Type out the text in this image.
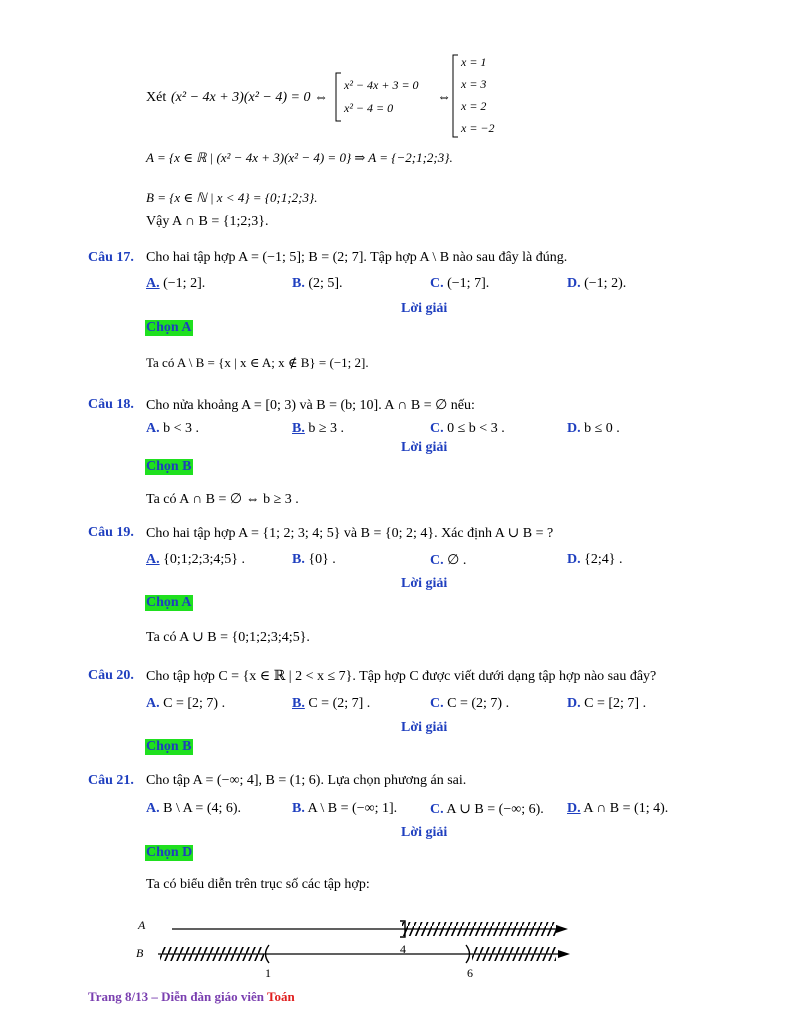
Xét (x² − 4x + 3)(x² − 4) = 0 ⇔
x² − 4x + 3 = 0
x² − 4 = 0
⇔
x = 1
x = 3
x = 2
x = −2
A = {x ∈ ℝ | (x² − 4x + 3)(x² − 4) = 0} ⇒ A = {−2;1;2;3}.
B = {x ∈ ℕ | x < 4} = {0;1;2;3}.
Vậy A ∩ B = {1;2;3}.
Câu 17. Cho hai tập hợp A = (−1; 5]; B = (2; 7]. Tập hợp A \ B nào sau đây là đúng.
A. (−1; 2].	B. (2; 5].	C. (−1; 7].	D. (−1; 2).
Lời giải
Chọn A
Ta có A \ B = {x | x ∈ A; x ∉ B} = (−1; 2].
Câu 18. Cho nửa khoảng A = [0; 3) và B = (b; 10]. A ∩ B = ∅ nếu:
A. b < 3 .	B. b ≥ 3 .	C. 0 ≤ b < 3 .	D. b ≤ 0 .
Lời giải
Chọn B
Ta có A ∩ B = ∅ ⇔ b ≥ 3 .
Câu 19. Cho hai tập hợp A = {1; 2; 3; 4; 5} và B = {0; 2; 4}. Xác định A ∪ B = ?
A. {0;1;2;3;4;5} .	B. {0} .	C. ∅ .	D. {2;4} .
Lời giải
Chọn A
Ta có A ∪ B = {0;1;2;3;4;5}.
Câu 20. Cho tập hợp C = {x ∈ ℝ | 2 < x ≤ 7}. Tập hợp C được viết dưới dạng tập hợp nào sau đây?
A. C = [2; 7) .	B. C = (2; 7] .	C. C = (2; 7) .	D. C = [2; 7] .
Lời giải
Chọn B
Câu 21. Cho tập A = (−∞; 4], B = (1; 6). Lựa chọn phương án sai.
A. B \ A = (4; 6).	B. A \ B = (−∞; 1]. C. A ∪ B = (−∞; 6). D. A ∩ B = (1; 4).
Lời giải
Chọn D
Ta có biểu diễn trên trục số các tập hợp:
A
B	4
1	6
Trang 8/13 – Diễn đàn giáo viên Toán
